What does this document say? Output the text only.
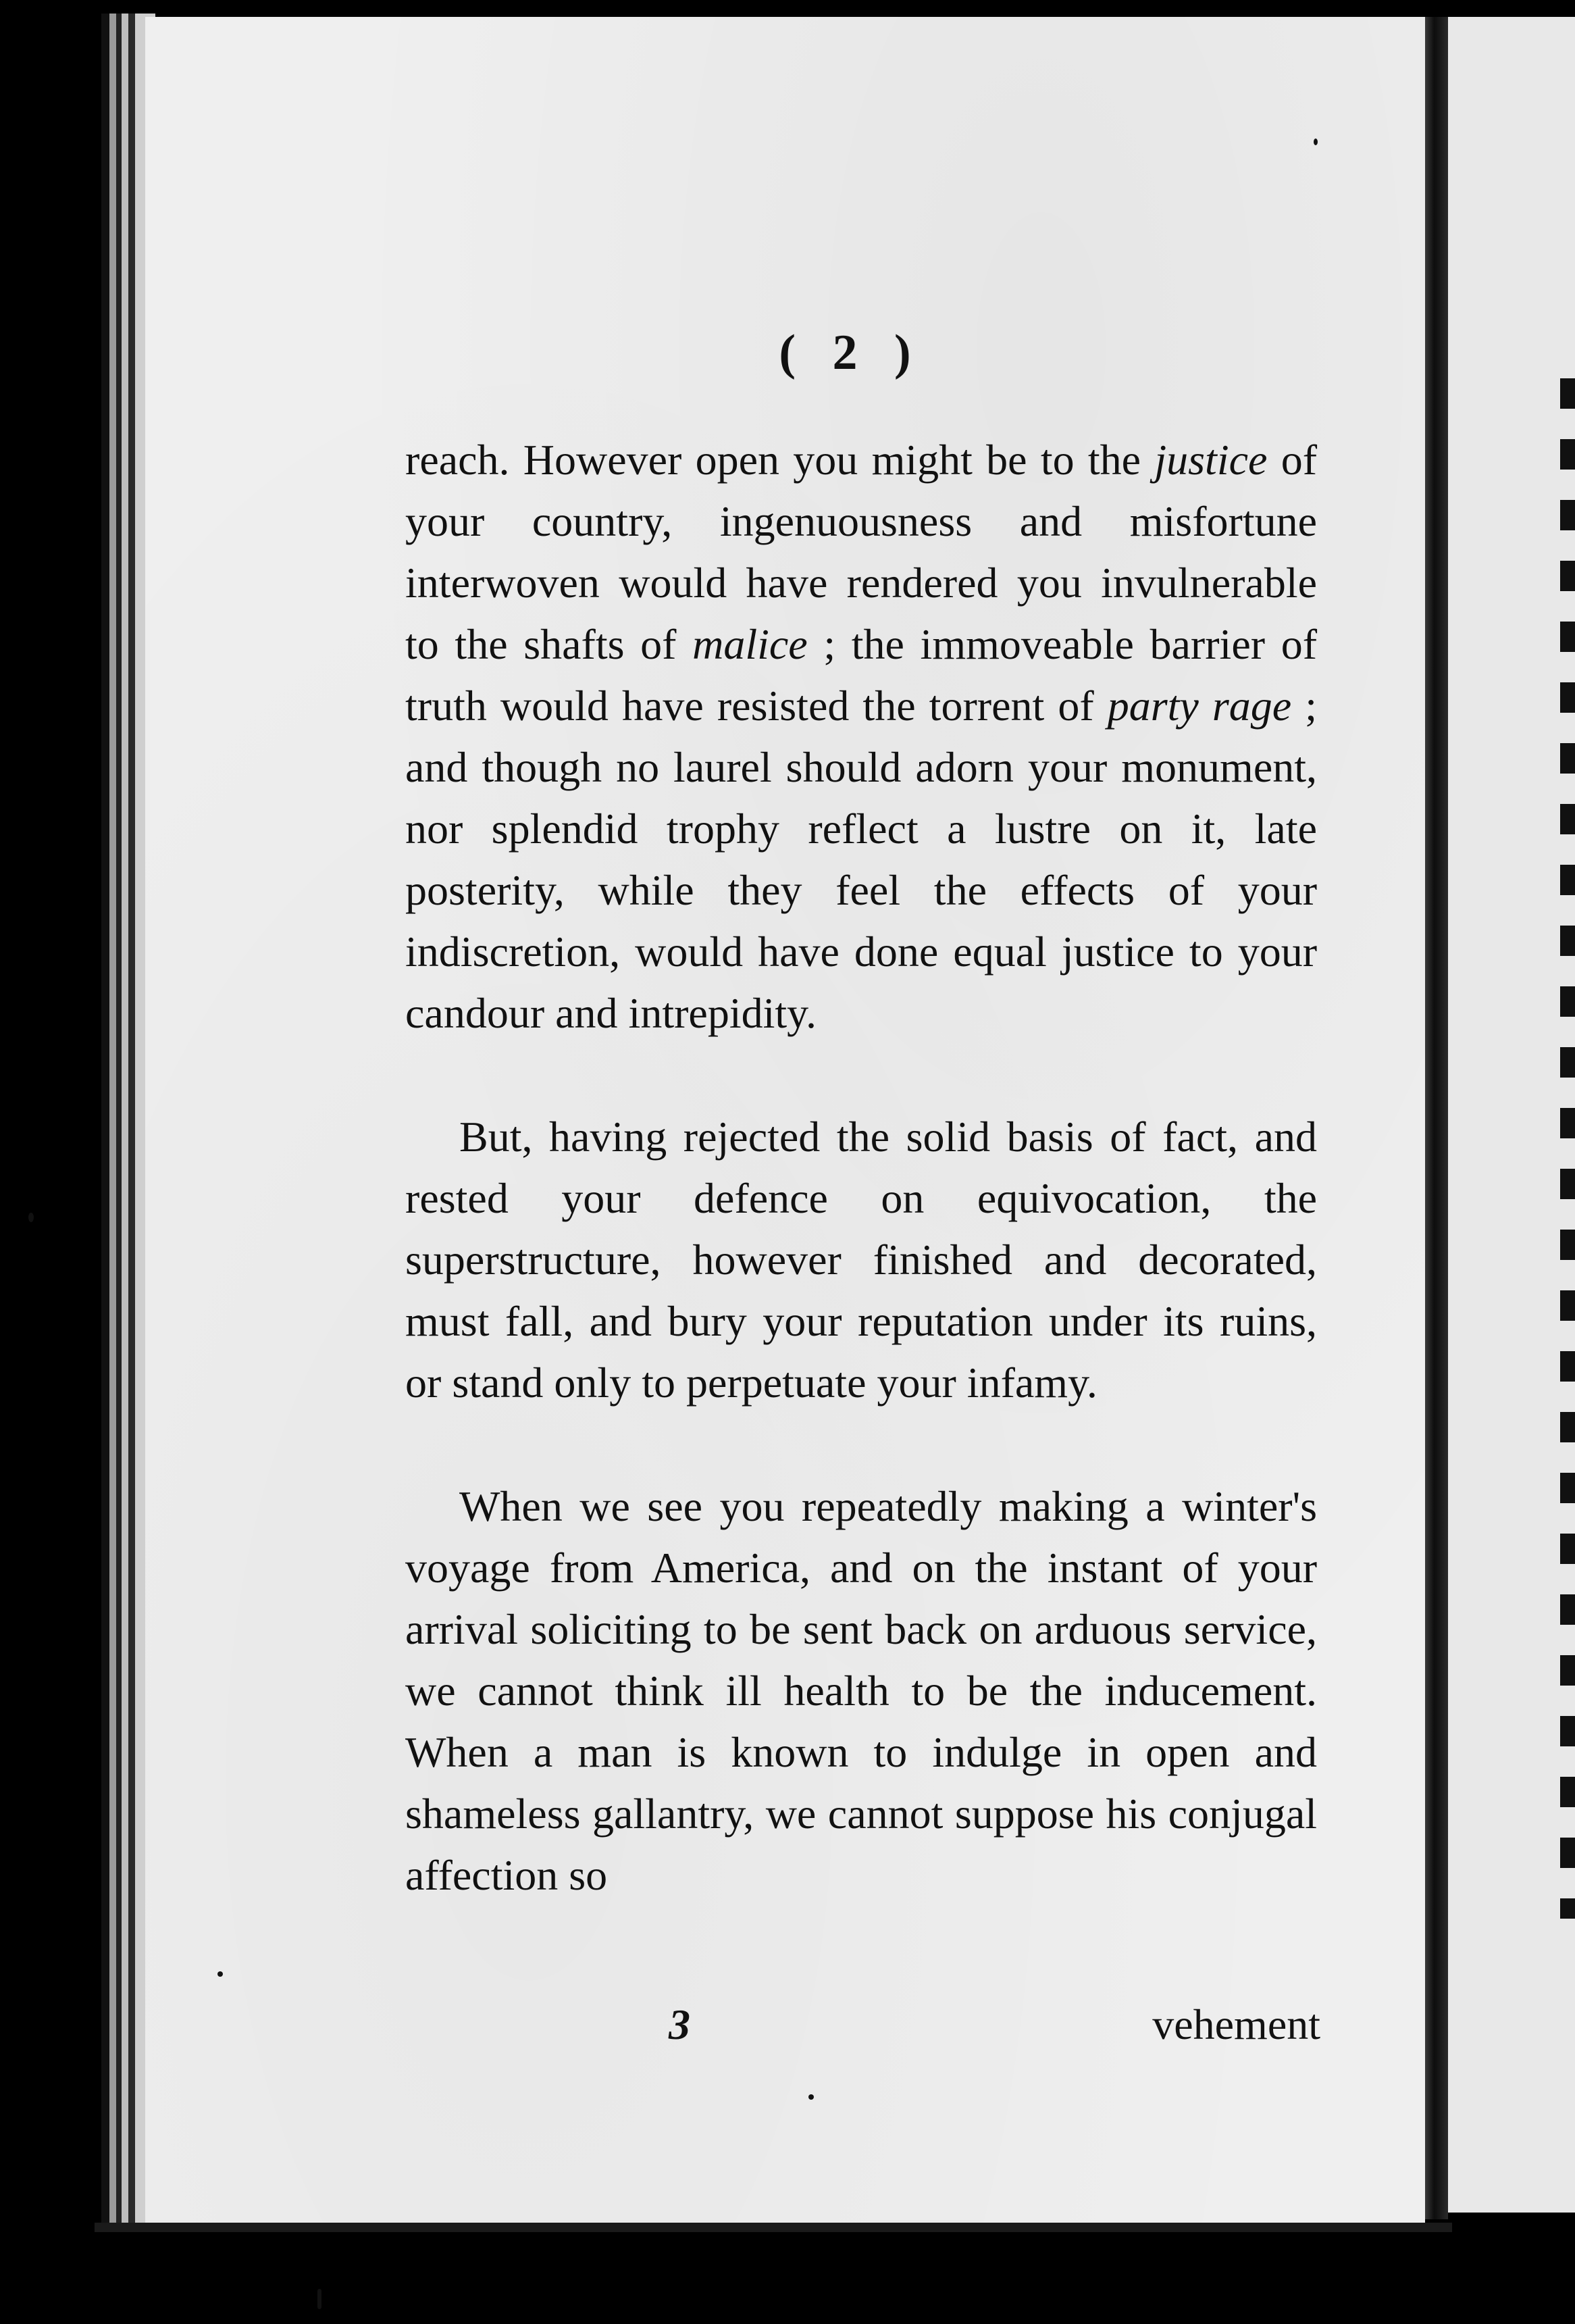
( 2 )

reach. However open you might be to the justice of your country, ingenuousness and misfortune interwoven would have rendered you invulnerable to the shafts of malice ; the immoveable barrier of truth would have resisted the torrent of party rage ; and though no laurel should adorn your monument, nor splendid trophy reflect a lustre on it, late posterity, while they feel the effects of your indiscretion, would have done equal justice to your candour and intrepidity.

But, having rejected the solid basis of fact, and rested your defence on equivocation, the superstructure, however finished and decorated, must fall, and bury your reputation under its ruins, or stand only to perpetuate your infamy.

When we see you repeatedly making a winter's voyage from America, and on the instant of your arrival soliciting to be sent back on arduous service, we cannot think ill health to be the inducement. When a man is known to indulge in open and shameless gallantry, we cannot suppose his conjugal affection so

3	vehement
